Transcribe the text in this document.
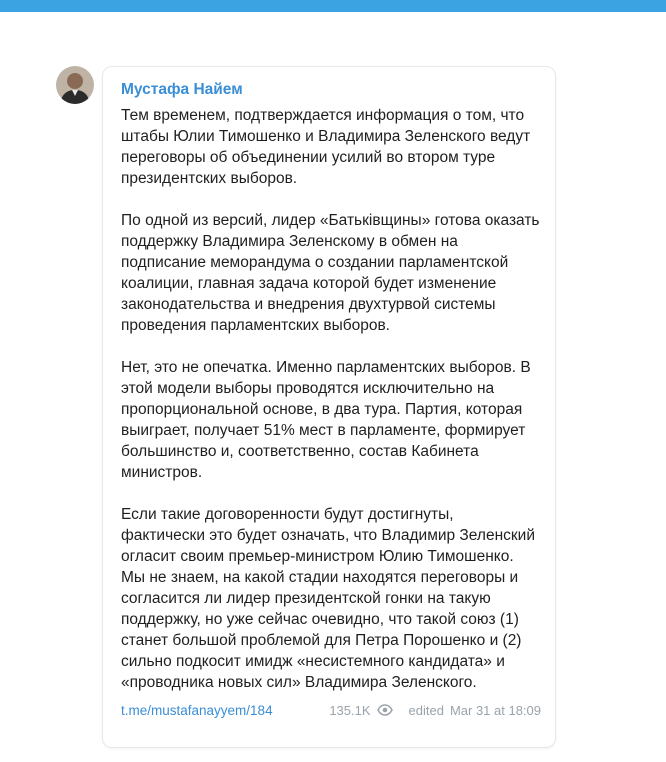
Мустафа Найем

Тем временем, подтверждается информация о том, что штабы Юлии Тимошенко и Владимира Зеленского ведут переговоры об объединении усилий во втором туре президентских выборов.

По одной из версий, лидер «Батьківщины» готова оказать поддержку Владимира Зеленскому в обмен на подписание меморандума о создании парламентской коалиции, главная задача которой будет изменение законодательства и внедрения двухтурвой системы проведения парламентских выборов.

Нет, это не опечатка. Именно парламентских выборов. В этой модели выборы проводятся исключительно на пропорциональной основе, в два тура. Партия, которая выиграет, получает 51% мест в парламенте, формирует большинство и, соответственно, состав Кабинета министров.

Если такие договоренности будут достигнуты, фактически это будет означать, что Владимир Зеленский огласит своим премьер-министром Юлию Тимошенко. Мы не знаем, на какой стадии находятся переговоры и согласится ли лидер президентской гонки на такую поддержку, но уже сейчас очевидно, что такой союз (1) станет большой проблемой для Петра Порошенко и (2) сильно подкосит имидж «несистемного кандидата» и «проводника новых сил» Владимира Зеленского.

t.me/mustafanayyem/184	135.1K	edited Mar 31 at 18:09
